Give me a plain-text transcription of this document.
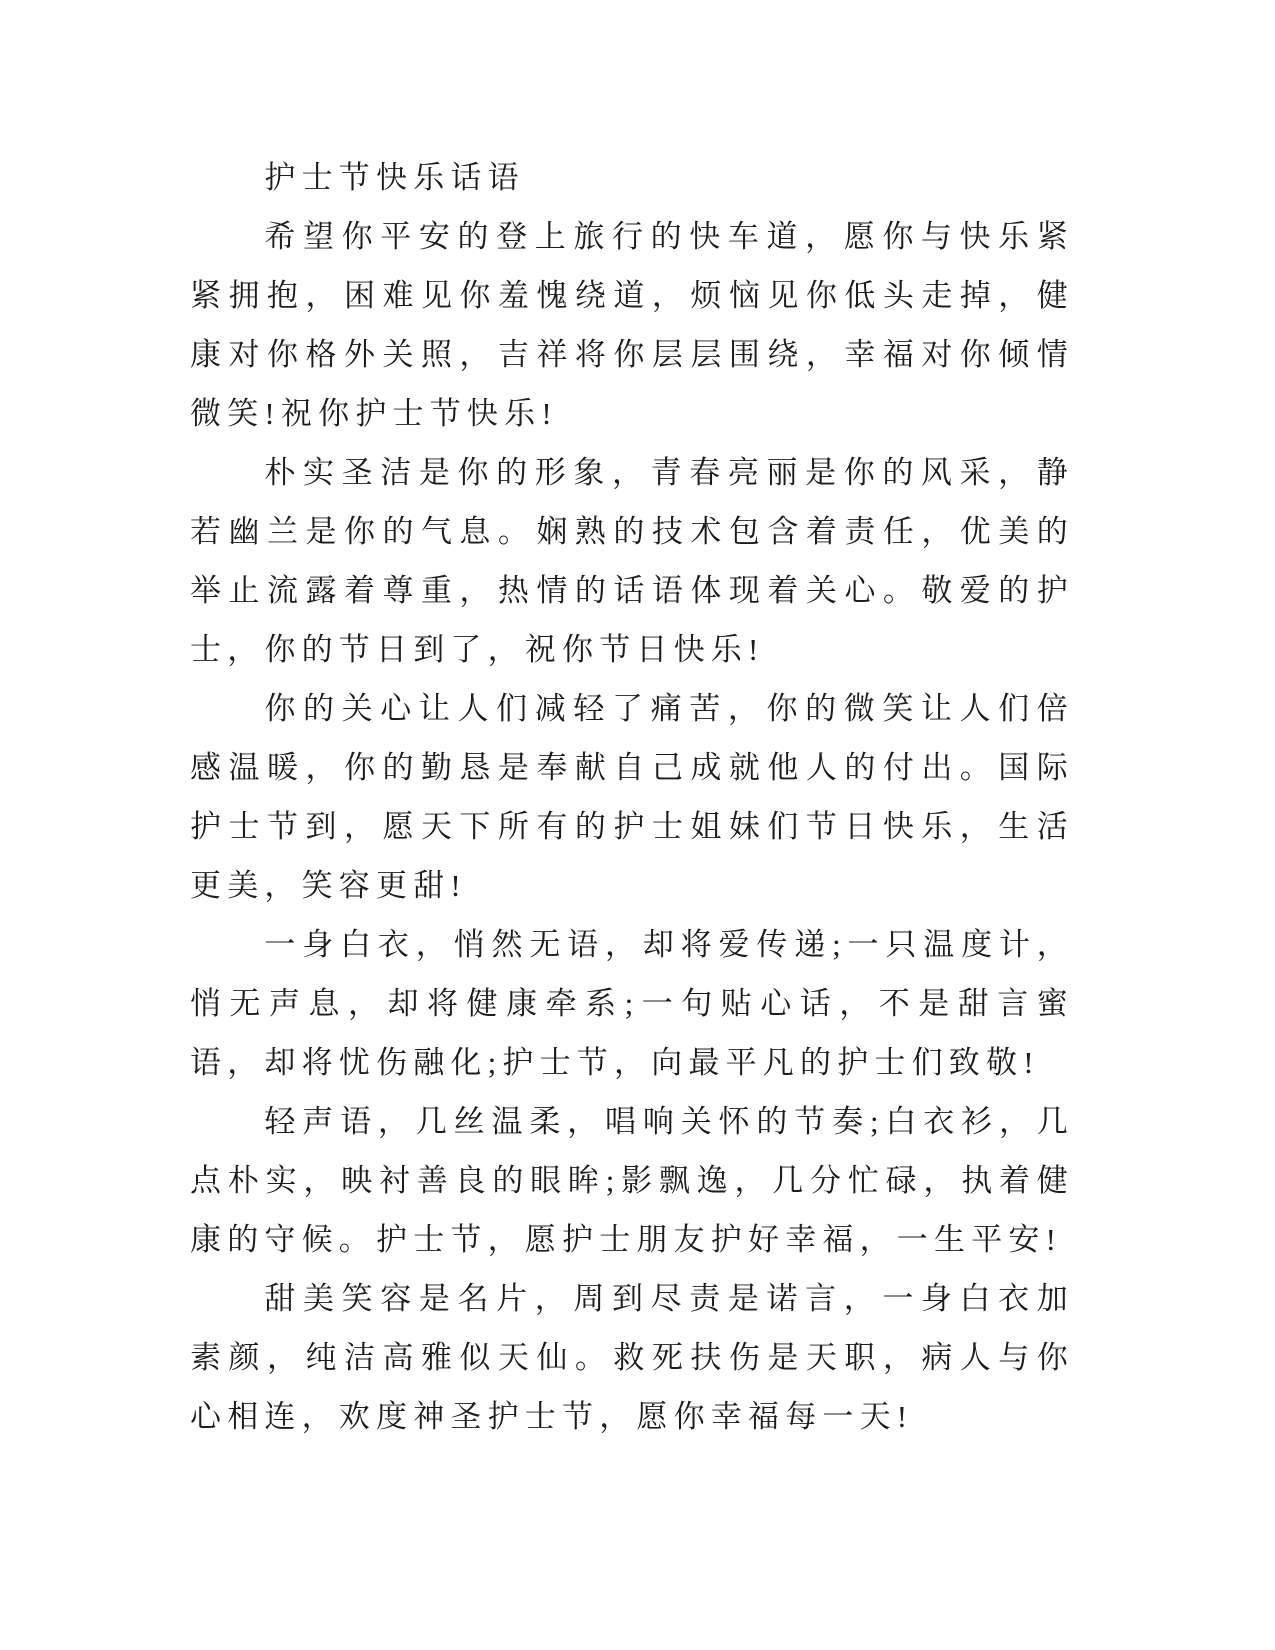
护士节快乐话语

希望你平安的登上旅行的快车道，愿你与快乐紧紧拥抱，困难见你羞愧绕道，烦恼见你低头走掉，健康对你格外关照，吉祥将你层层围绕，幸福对你倾情微笑!祝你护士节快乐!

朴实圣洁是你的形象，青春亮丽是你的风采，静若幽兰是你的气息。娴熟的技术包含着责任，优美的举止流露着尊重，热情的话语体现着关心。敬爱的护士，你的节日到了，祝你节日快乐!

你的关心让人们减轻了痛苦，你的微笑让人们倍感温暖，你的勤恳是奉献自己成就他人的付出。国际护士节到，愿天下所有的护士姐妹们节日快乐，生活更美，笑容更甜!

一身白衣，悄然无语，却将爱传递;一只温度计，悄无声息，却将健康牵系;一句贴心话，不是甜言蜜语，却将忧伤融化;护士节，向最平凡的护士们致敬!

轻声语，几丝温柔，唱响关怀的节奏;白衣衫，几点朴实，映衬善良的眼眸;影飘逸，几分忙碌，执着健康的守候。护士节，愿护士朋友护好幸福，一生平安!

甜美笑容是名片，周到尽责是诺言，一身白衣加素颜，纯洁高雅似天仙。救死扶伤是天职，病人与你心相连，欢度神圣护士节，愿你幸福每一天!
